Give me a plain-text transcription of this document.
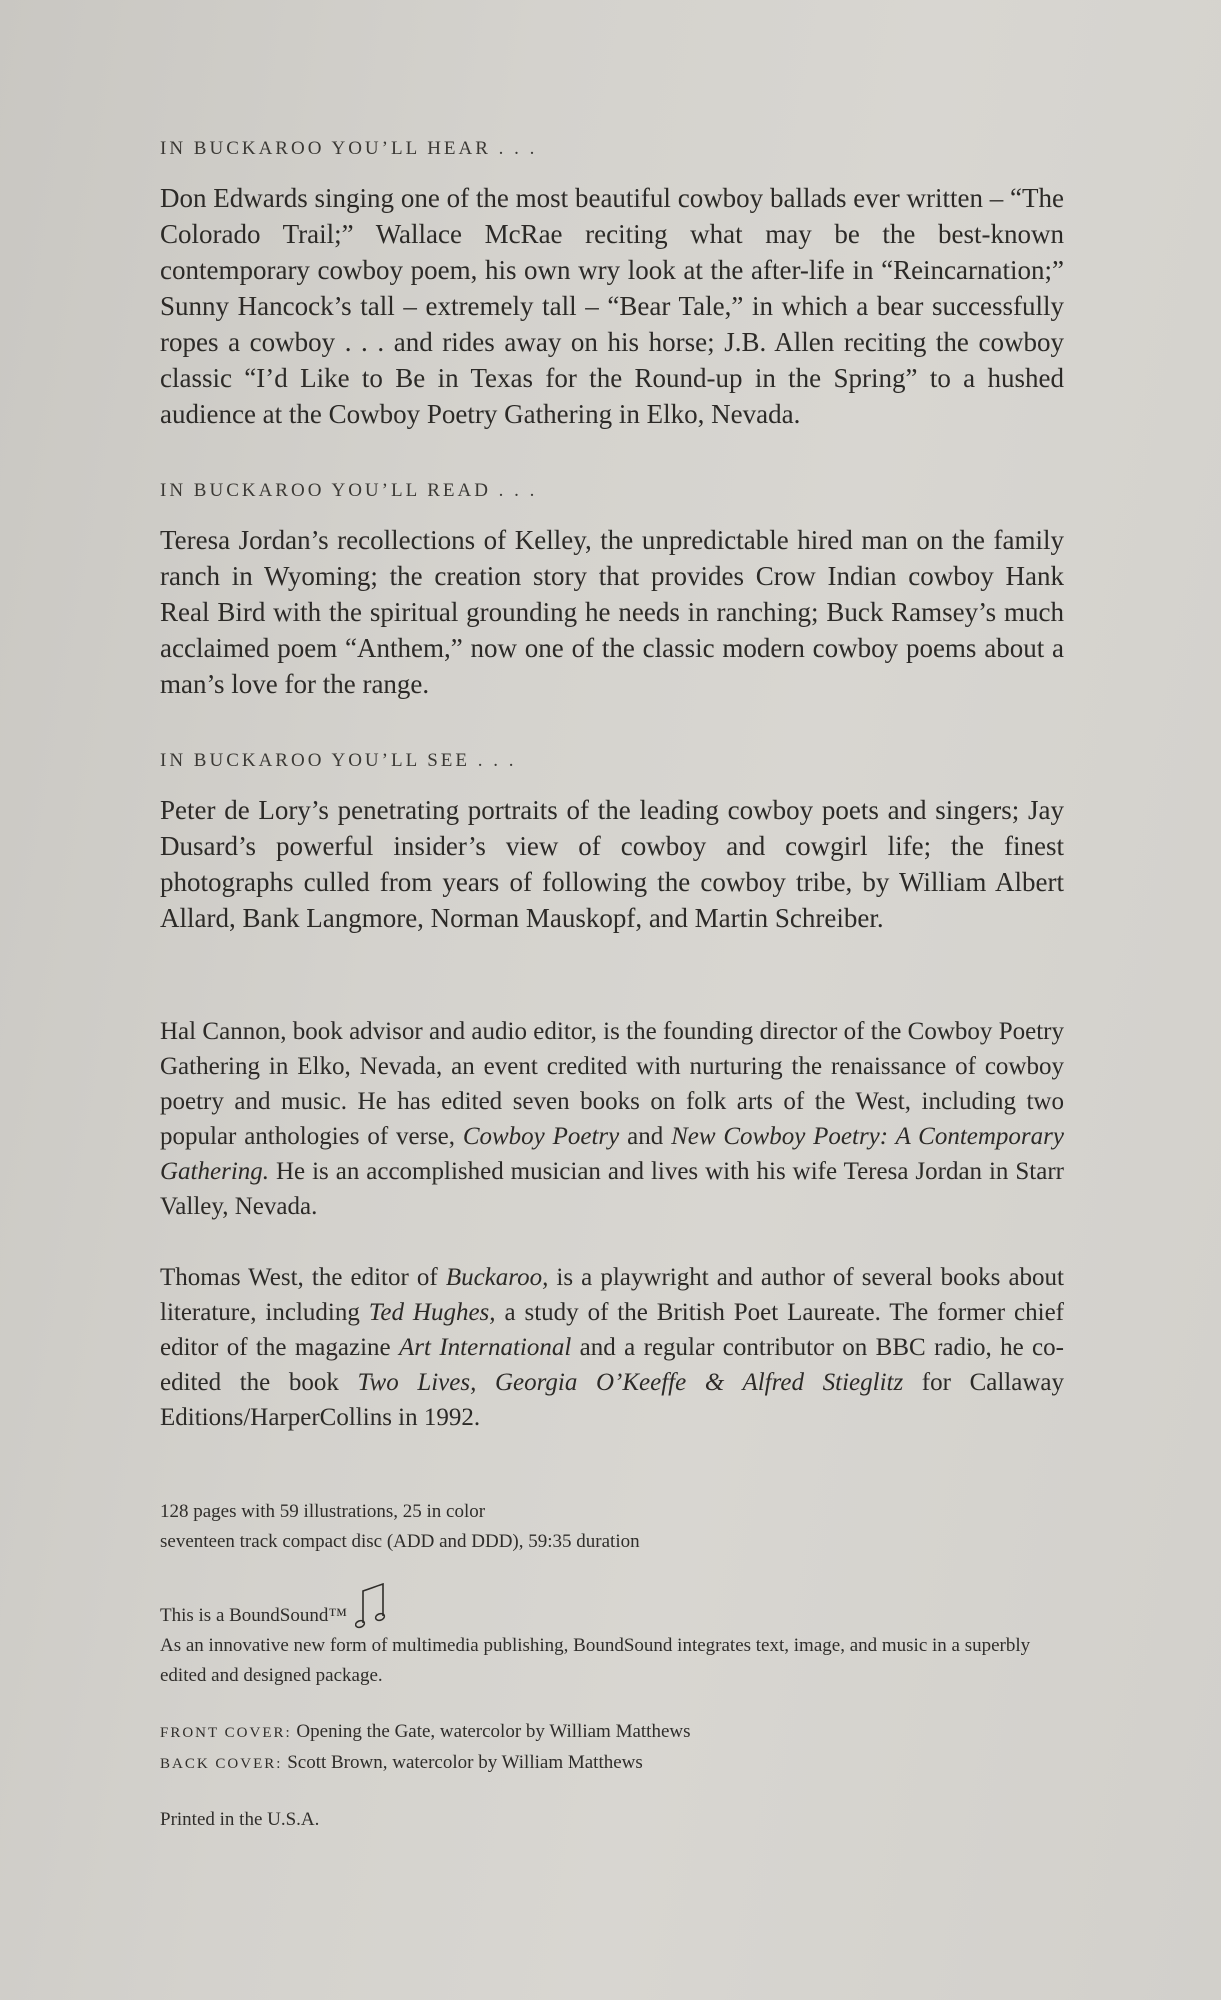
IN BUCKAROO YOU’LL HEAR . . .

Don Edwards singing one of the most beautiful cowboy ballads ever written – “The Colorado Trail;” Wallace McRae reciting what may be the best-known contemporary cowboy poem, his own wry look at the after-life in “Reincarnation;” Sunny Hancock’s tall – extremely tall – “Bear Tale,” in which a bear successfully ropes a cowboy . . . and rides away on his horse; J.B. Allen reciting the cowboy classic “I’d Like to Be in Texas for the Round-up in the Spring” to a hushed audience at the Cowboy Poetry Gathering in Elko, Nevada.

IN BUCKAROO YOU’LL READ . . .

Teresa Jordan’s recollections of Kelley, the unpredictable hired man on the family ranch in Wyoming; the creation story that provides Crow Indian cowboy Hank Real Bird with the spiritual grounding he needs in ranching; Buck Ramsey’s much acclaimed poem “Anthem,” now one of the classic modern cowboy poems about a man’s love for the range.

IN BUCKAROO YOU’LL SEE . . .

Peter de Lory’s penetrating portraits of the leading cowboy poets and singers; Jay Dusard’s powerful insider’s view of cowboy and cowgirl life; the finest photographs culled from years of following the cowboy tribe, by William Albert Allard, Bank Langmore, Norman Mauskopf, and Martin Schreiber.

Hal Cannon, book advisor and audio editor, is the founding director of the Cowboy Poetry Gathering in Elko, Nevada, an event credited with nurturing the renaissance of cowboy poetry and music. He has edited seven books on folk arts of the West, including two popular anthologies of verse, Cowboy Poetry and New Cowboy Poetry: A Contemporary Gathering. He is an accomplished musician and lives with his wife Teresa Jordan in Starr Valley, Nevada.

Thomas West, the editor of Buckaroo, is a playwright and author of several books about literature, including Ted Hughes, a study of the British Poet Laureate. The former chief editor of the magazine Art International and a regular contributor on BBC radio, he co-edited the book Two Lives, Georgia O’Keeffe & Alfred Stieglitz for Callaway Editions/HarperCollins in 1992.

128 pages with 59 illustrations, 25 in color

seventeen track compact disc (ADD and DDD), 59:35 duration

This is a BoundSound™

As an innovative new form of multimedia publishing, BoundSound integrates text, image, and music in a superbly edited and designed package.

FRONT COVER: Opening the Gate, watercolor by William Matthews

BACK COVER: Scott Brown, watercolor by William Matthews

Printed in the U.S.A.
